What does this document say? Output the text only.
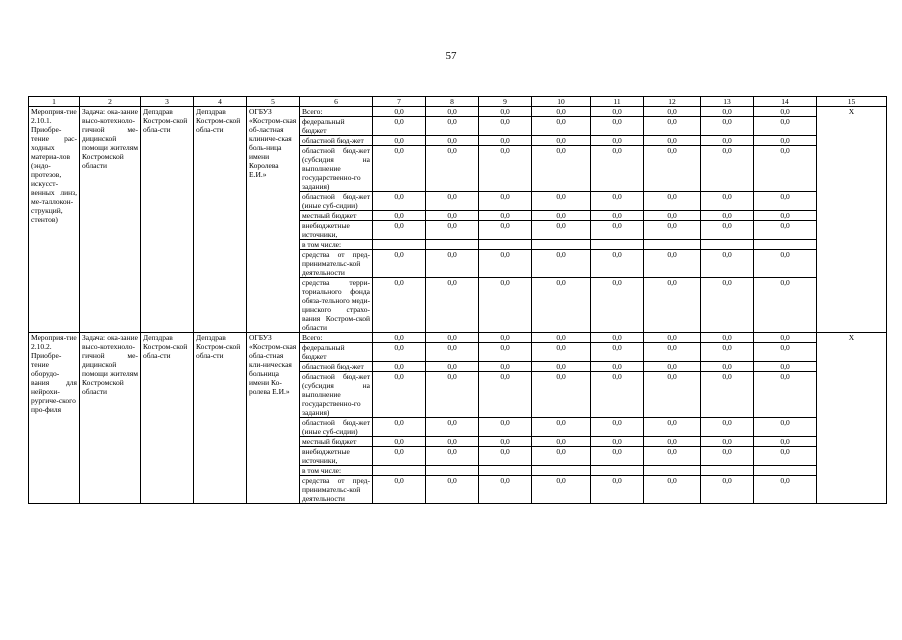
57
1	2	3	4	5	6	7	8	9	10	11	12	13	14	15
Мероприя-тие 2.10.1. Приобре-тение рас-ходных материа-лов (эндо-протезов, искусст-венных линз, ме-таллокон-струкций, стентов)	Задача: ока-зание высо-котехноло-гичной ме-дицинской помощи жителям Костромской области	Депздрав Костром-ской обла-сти	Депздрав Костром-ской обла-сти	ОГБУЗ «Костром-ская об-ластная клиниче-ская боль-ница имени Королева Е.И.»	Всего:	0,0	0,0	0,0	0,0	0,0	0,0	0,0	0,0	X
					федеральный бюджет	0,0	0,0	0,0	0,0	0,0	0,0	0,0	0,0	
					областной бюд-жет	0,0	0,0	0,0	0,0	0,0	0,0	0,0	0,0	
					областной бюд-жет (субсидия на выполнение государственно-го задания)	0,0	0,0	0,0	0,0	0,0	0,0	0,0	0,0	
					областной бюд-жет (иные суб-сидии)	0,0	0,0	0,0	0,0	0,0	0,0	0,0	0,0	
					местный бюджет	0,0	0,0	0,0	0,0	0,0	0,0	0,0	0,0	
					внебюджетные источники,	0,0	0,0	0,0	0,0	0,0	0,0	0,0	0,0	
					в том числе:									
					средства от пред-принимательс-кой деятельности	0,0	0,0	0,0	0,0	0,0	0,0	0,0	0,0	
					средства терри-ториального фонда обяза-тельного меди-цинского страхо-вания Костром-ской области	0,0	0,0	0,0	0,0	0,0	0,0	0,0	0,0	
Мероприя-тие 2.10.2. Приобре-тение оборудо-вания для нейрохи-рургиче-ского про-филя	Задача: ока-зание высо-котехноло-гичной ме-дицинской помощи жителям Костромской области	Депздрав Костром-ской обла-сти	Депздрав Костром-ской обла-сти	ОГБУЗ «Костром-ская обла-стная кли-ническая больница имени Ко-ролева Е.И.»	Всего:	0,0	0,0	0,0	0,0	0,0	0,0	0,0	0,0	X
					федеральный бюджет	0,0	0,0	0,0	0,0	0,0	0,0	0,0	0,0	
					областной бюд-жет	0,0	0,0	0,0	0,0	0,0	0,0	0,0	0,0	
					областной бюд-жет (субсидия на выполнение государственно-го задания)	0,0	0,0	0,0	0,0	0,0	0,0	0,0	0,0	
					областной бюд-жет (иные суб-сидии)	0,0	0,0	0,0	0,0	0,0	0,0	0,0	0,0	
					местный бюджет	0,0	0,0	0,0	0,0	0,0	0,0	0,0	0,0	
					внебюджетные источники,	0,0	0,0	0,0	0,0	0,0	0,0	0,0	0,0	
					в том числе:									
					средства от пред-принимательс-кой деятельности	0,0	0,0	0,0	0,0	0,0	0,0	0,0	0,0	
